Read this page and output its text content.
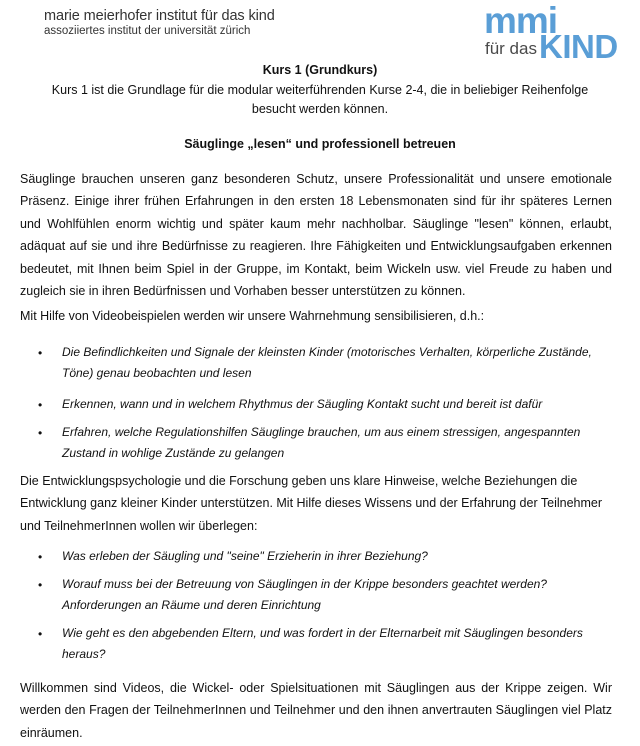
marie meierhofer institut für das kind
assoziiertes institut der universität zürich	mmi
für das KIND
Kurs 1 (Grundkurs)
Kurs 1 ist die Grundlage für die modular weiterführenden Kurse 2-4, die in beliebiger Reihenfolge besucht werden können.
Säuglinge „lesen“ und professionell betreuen
Säuglinge brauchen unseren ganz besonderen Schutz, unsere Professionalität und unsere emotionale Präsenz. Einige ihrer frühen Erfahrungen in den ersten 18 Lebensmonaten sind für ihr späteres Lernen und Wohlfühlen enorm wichtig und später kaum mehr nachholbar. Säuglinge "lesen" können, erlaubt, adäquat auf sie und ihre Bedürfnisse zu reagieren. Ihre Fähigkeiten und Entwicklungsaufgaben erkennen bedeutet, mit Ihnen beim Spiel in der Gruppe, im Kontakt, beim Wickeln usw. viel Freude zu haben und zugleich sie in ihren Bedürfnissen und Vorhaben besser unterstützen zu können.
Mit Hilfe von Videobeispielen werden wir unsere Wahrnehmung sensibilisieren, d.h.:
• Die Befindlichkeiten und Signale der kleinsten Kinder (motorisches Verhalten, körperliche Zustände, Töne) genau beobachten und lesen
• Erkennen, wann und in welchem Rhythmus der Säugling Kontakt sucht und bereit ist dafür
• Erfahren, welche Regulationshilfen Säuglinge brauchen, um aus einem stressigen, angespannten Zustand in wohlige Zustände zu gelangen
Die Entwicklungspsychologie und die Forschung geben uns klare Hinweise, welche Beziehungen die Entwicklung ganz kleiner Kinder unterstützen. Mit Hilfe dieses Wissens und der Erfahrung der Teilnehmer und TeilnehmerInnen wollen wir überlegen:
• Was erleben der Säugling und "seine" Erzieherin in ihrer Beziehung?
• Worauf muss bei der Betreuung von Säuglingen in der Krippe besonders geachtet werden? Anforderungen an Räume und deren Einrichtung
• Wie geht es den abgebenden Eltern, und was fordert in der Elternarbeit mit Säuglingen besonders heraus?
Willkommen sind Videos, die Wickel- oder Spielsituationen mit Säuglingen aus der Krippe zeigen. Wir werden den Fragen der TeilnehmerInnen und Teilnehmer und den ihnen anvertrauten Säuglingen viel Platz einräumen.
